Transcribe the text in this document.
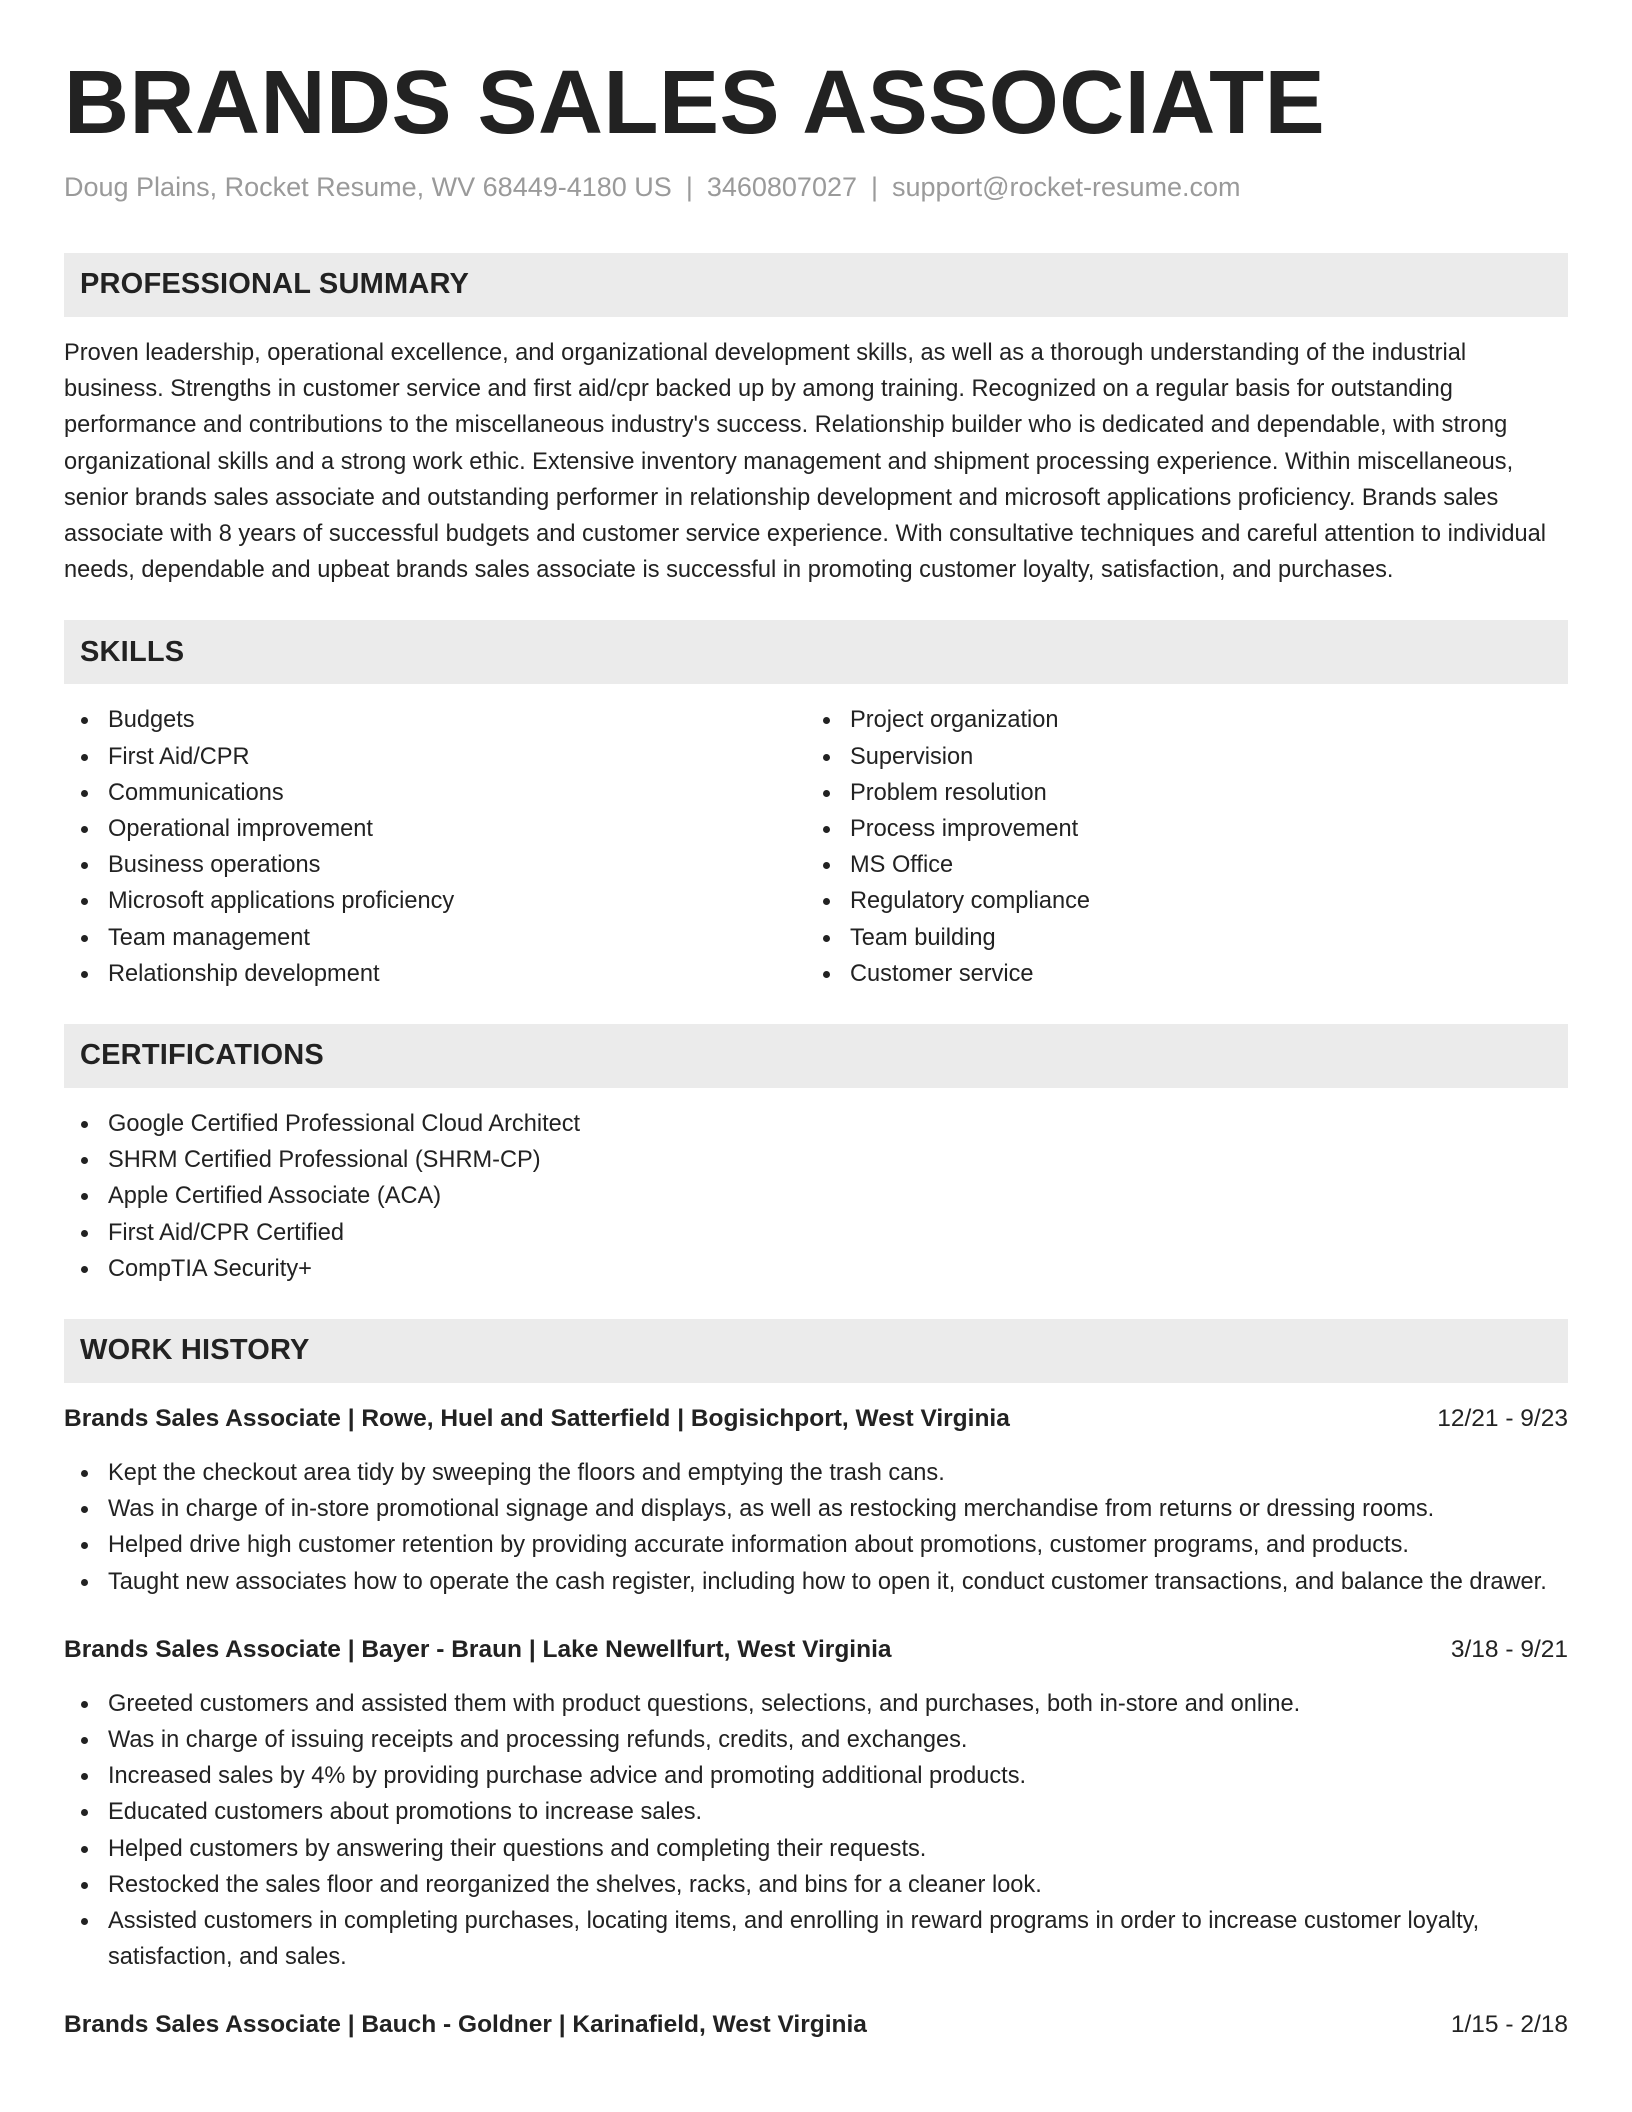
BRANDS SALES ASSOCIATE
Doug Plains, Rocket Resume, WV 68449-4180 US | 3460807027 | support@rocket-resume.com
PROFESSIONAL SUMMARY

Proven leadership, operational excellence, and organizational development skills, as well as a thorough understanding of the industrial business. Strengths in customer service and first aid/cpr backed up by among training. Recognized on a regular basis for outstanding performance and contributions to the miscellaneous industry's success. Relationship builder who is dedicated and dependable, with strong organizational skills and a strong work ethic. Extensive inventory management and shipment processing experience. Within miscellaneous, senior brands sales associate and outstanding performer in relationship development and microsoft applications proficiency. Brands sales associate with 8 years of successful budgets and customer service experience. With consultative techniques and careful attention to individual needs, dependable and upbeat brands sales associate is successful in promoting customer loyalty, satisfaction, and purchases.

SKILLS
Budgets
First Aid/CPR
Communications
Operational improvement
Business operations
Microsoft applications proficiency
Team management
Relationship development
Project organization
Supervision
Problem resolution
Process improvement
MS Office
Regulatory compliance
Team building
Customer service
CERTIFICATIONS
Google Certified Professional Cloud Architect
SHRM Certified Professional (SHRM-CP)
Apple Certified Associate (ACA)
First Aid/CPR Certified
CompTIA Security+
WORK HISTORY
Brands Sales Associate | Rowe, Huel and Satterfield | Bogisichport, West Virginia	12/21 - 9/23
Kept the checkout area tidy by sweeping the floors and emptying the trash cans.
Was in charge of in-store promotional signage and displays, as well as restocking merchandise from returns or dressing rooms.
Helped drive high customer retention by providing accurate information about promotions, customer programs, and products.
Taught new associates how to operate the cash register, including how to open it, conduct customer transactions, and balance the drawer.
Brands Sales Associate | Bayer - Braun | Lake Newellfurt, West Virginia	3/18 - 9/21
Greeted customers and assisted them with product questions, selections, and purchases, both in-store and online.
Was in charge of issuing receipts and processing refunds, credits, and exchanges.
Increased sales by 4% by providing purchase advice and promoting additional products.
Educated customers about promotions to increase sales.
Helped customers by answering their questions and completing their requests.
Restocked the sales floor and reorganized the shelves, racks, and bins for a cleaner look.
Assisted customers in completing purchases, locating items, and enrolling in reward programs in order to increase customer loyalty, satisfaction, and sales.
Brands Sales Associate | Bauch - Goldner | Karinafield, West Virginia	1/15 - 2/18
